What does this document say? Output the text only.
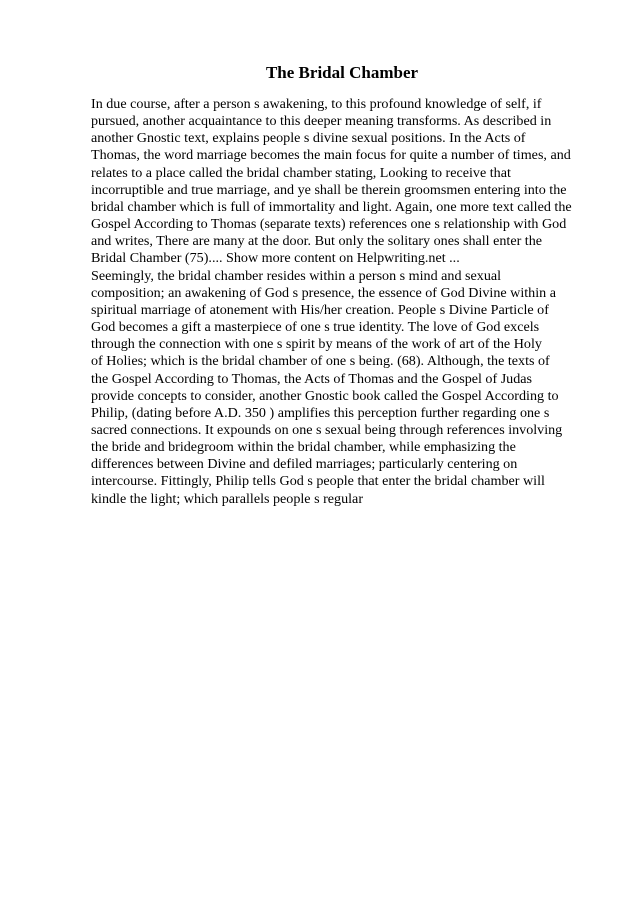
The Bridal Chamber
In due course, after a person s awakening, to this profound knowledge of self, if
pursued, another acquaintance to this deeper meaning transforms. As described in
another Gnostic text, explains people s divine sexual positions. In the Acts of
Thomas, the word marriage becomes the main focus for quite a number of times, and
relates to a place called the bridal chamber stating, Looking to receive that
incorruptible and true marriage, and ye shall be therein groomsmen entering into the
bridal chamber which is full of immortality and light. Again, one more text called the
Gospel According to Thomas (separate texts) references one s relationship with God
and writes, There are many at the door. But only the solitary ones shall enter the
Bridal Chamber (75).... Show more content on Helpwriting.net ...
Seemingly, the bridal chamber resides within a person s mind and sexual
composition; an awakening of God s presence, the essence of God Divine within a
spiritual marriage of atonement with His/her creation. People s Divine Particle of
God becomes a gift a masterpiece of one s true identity. The love of God excels
through the connection with one s spirit by means of the work of art of the Holy
of Holies; which is the bridal chamber of one s being. (68). Although, the texts of
the Gospel According to Thomas, the Acts of Thomas and the Gospel of Judas
provide concepts to consider, another Gnostic book called the Gospel According to
Philip, (dating before A.D. 350 ) amplifies this perception further regarding one s
sacred connections. It expounds on one s sexual being through references involving
the bride and bridegroom within the bridal chamber, while emphasizing the
differences between Divine and defiled marriages; particularly centering on
intercourse. Fittingly, Philip tells God s people that enter the bridal chamber will
kindle the light; which parallels people s regular
